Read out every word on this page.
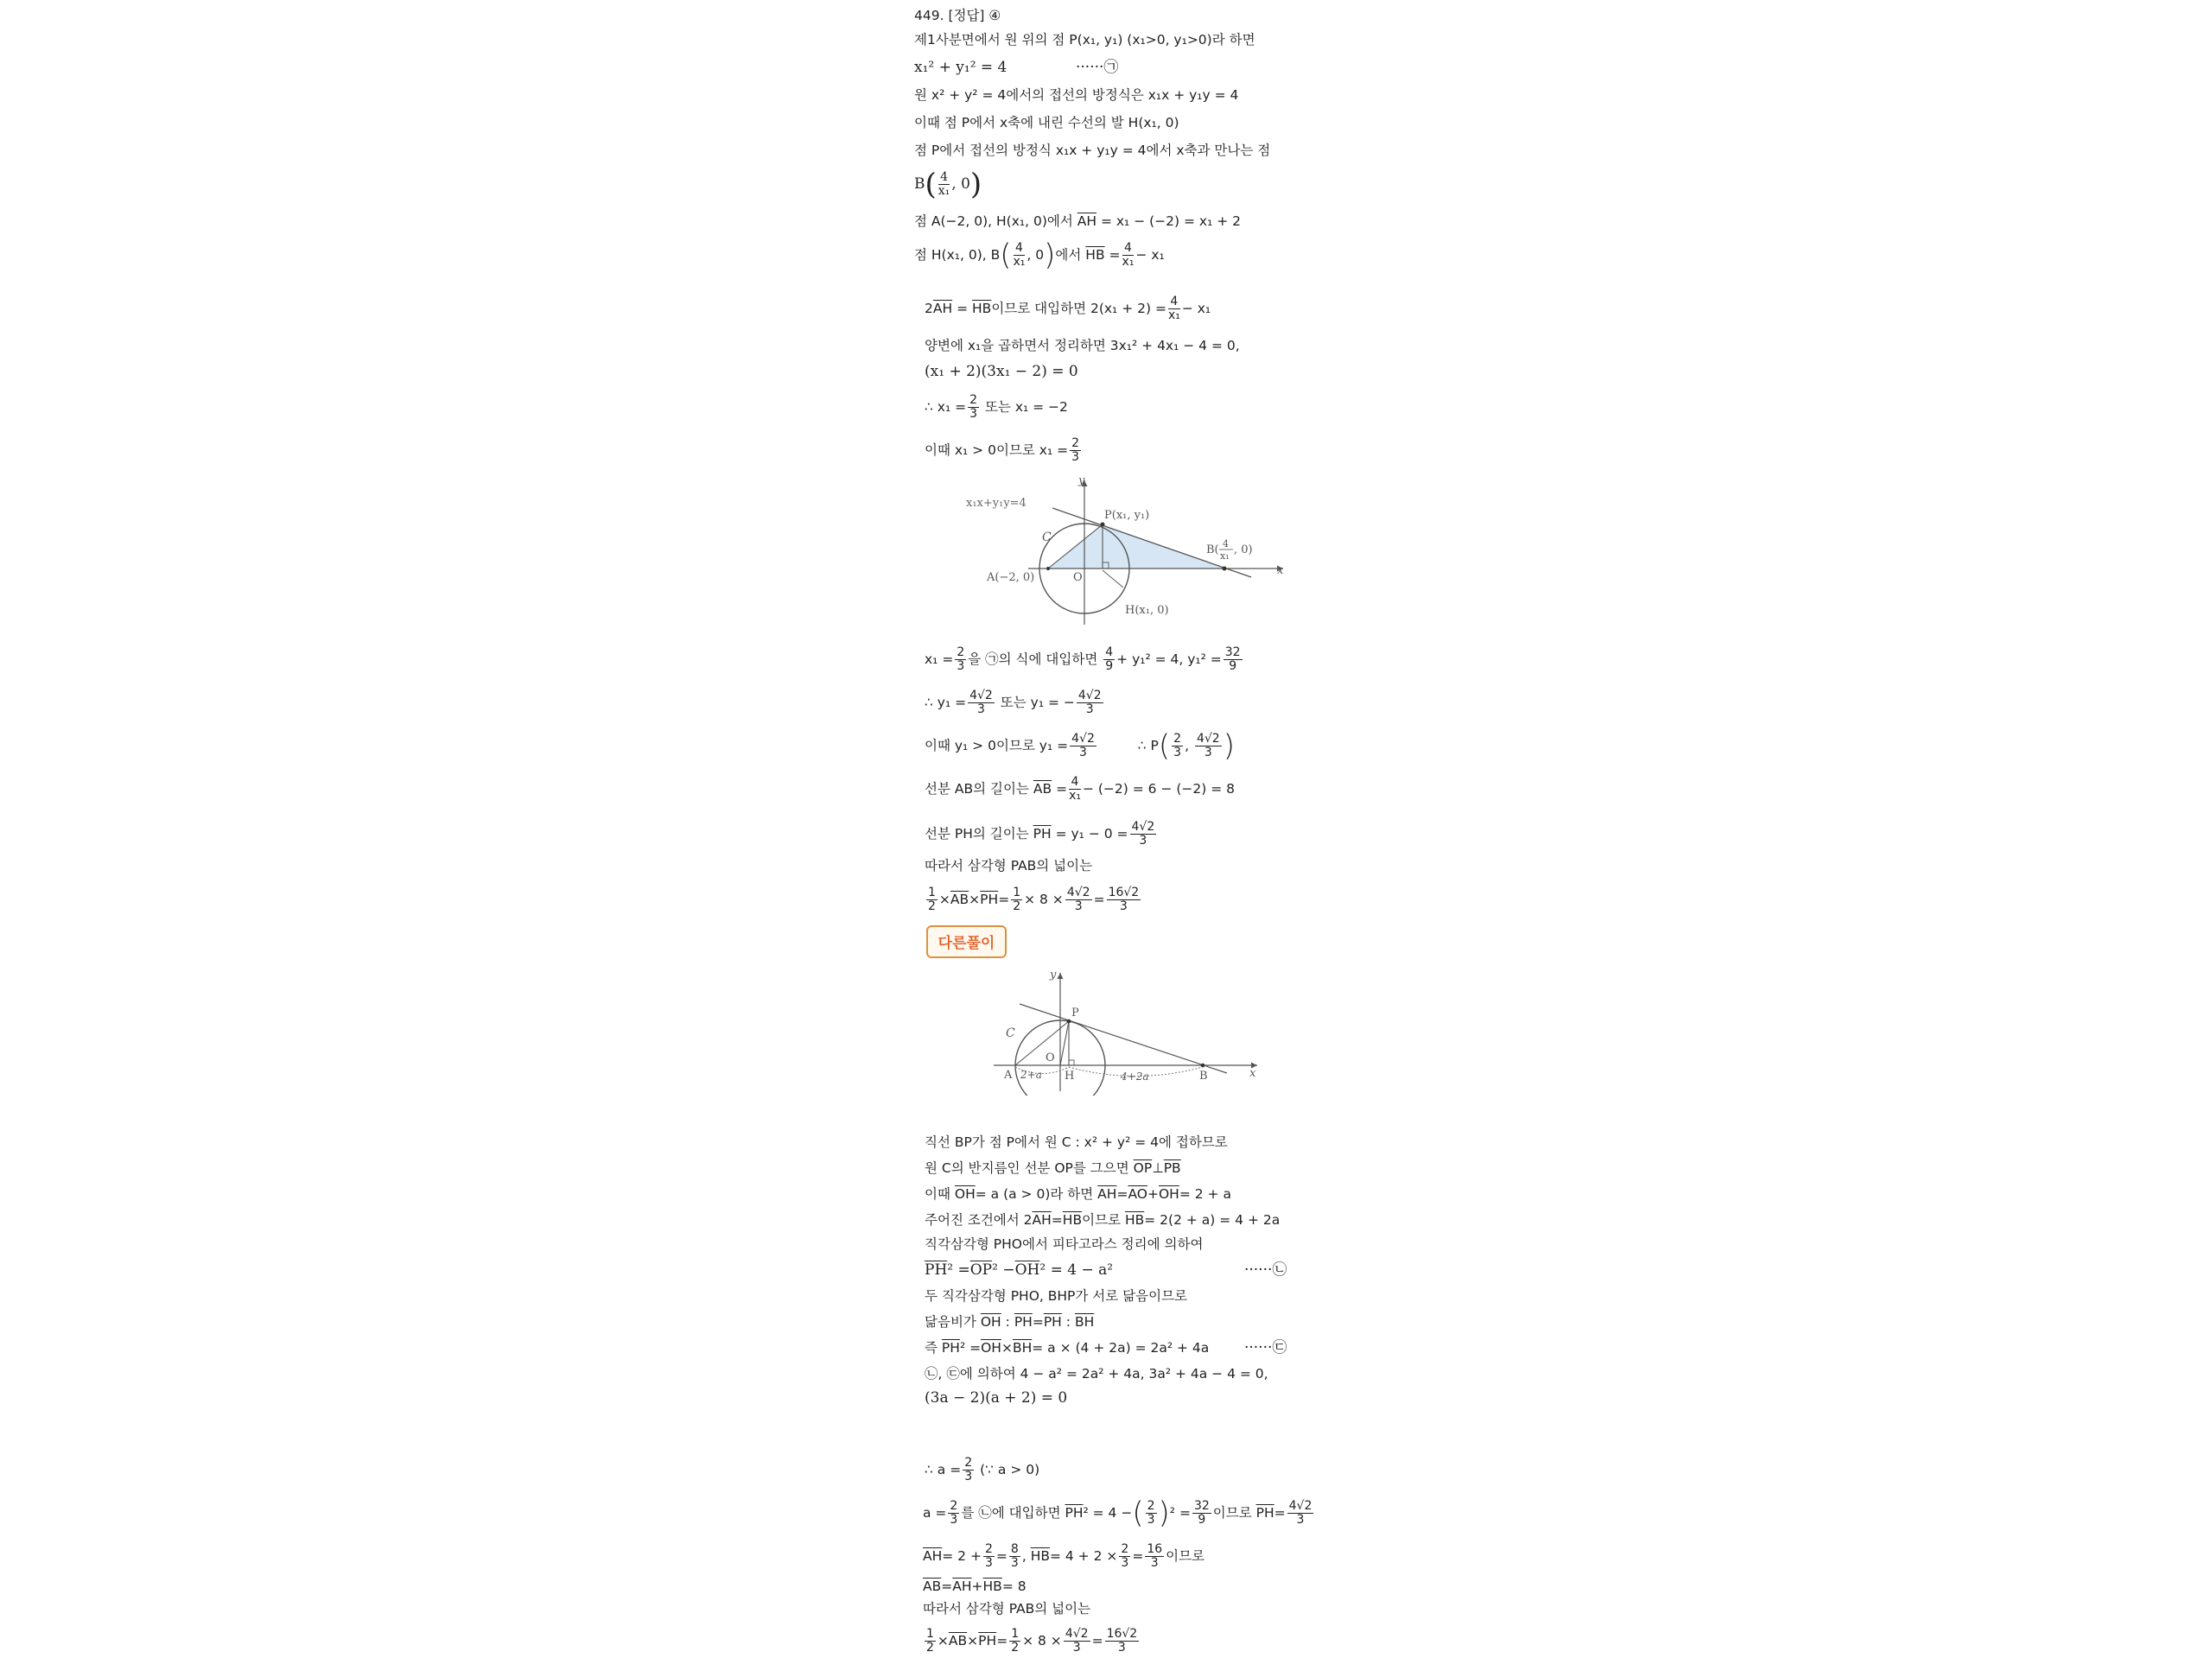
449. [정답] ④
제1사분면에서 원 위의 점 P(x₁, y₁) (x₁>0, y₁>0)라 하면
x₁² + y₁² = 4	······㉠
원 x² + y² = 4에서의 접선의 방정식은 x₁x + y₁y = 4
이때 점 P에서 x축에 내린 수선의 발 H(x₁, 0)
점 P에서 접선의 방정식 x₁x + y₁y = 4에서 x축과 만나는 점
$B( \frac{4}{\text{x₁}}$ , 0)
점 A(−2, 0), H(x₁, 0)에서 $\overline{AH} = x_1 - (-2) = x_1 + 2$
점 H(x₁, 0), $B( \frac{4}{\text{x₁}}$ , 0)에서 $\overline{HB} = \frac{4}{\text{x₁}} - x_1$
$2\overline{AH} = \overline{HB}$이므로 대입하면 $2(x_1 + 2) = \frac{4}{\text{x₁}} - x_1$
양변에 x₁을 곱하면서 정리하면 3x₁² + 4x₁ − 4 = 0,
(x₁ + 2)(3x₁ − 2) = 0
∴ $x_1 = \frac{2}{3}$ 또는 x₁ = −2
이때 x₁ > 0이므로 $x_1 = \frac{2}{3}$
y
x
x₁x+y₁y=4
P(x₁, y₁)
C
B( 4
x₁ , 0)
A(−2, 0)	O
H(x₁, 0)
$x_1 = \frac{2}{3}$ 을 ㉠의 식에 대입하면 $\frac{4}{9} + y_1^2 = 4$, $y_1^2 = \frac{32}{9}$
∴ $y_1 = \frac{4√2}{3}$ 또는 y₁ = − $\frac{4√2}{3}$
이때 y₁ > 0이므로 $y_1 = \frac{4√2}{3}$	∴ $P( \frac{2}{3}$ , $\frac{4√2}{3}$ )
선분 AB의 길이는 $\overline{AB} = \frac{4}{\text{x₁}} - (-2) = 6 - (-2) = 8$
선분 PH의 길이는 $\overline{PH} = y_1 - 0 = \frac{4√2}{3}$
따라서 삼각형 PAB의 넓이는
$\frac{1}{2} \times\overline{AB}\times\overline{PH}= \frac{1}{2} \times 8 \times \frac{4√2}{3} = \frac{16√2}{3}$
다른풀이
y
x
P
C
O
A	H	B
2+a	4+2a
직선 BP가 점 P에서 원 C : x² + y² = 4에 접하므로
원 C의 반지름인 선분 OP를 그으면 $\overline{OP}\perp\overline{PB}$
이때 $\overline{OH}= a$ (a > 0)라 하면 $\overline{AH}=\overline{AO}+\overline{OH}= 2 + a$
주어진 조건에서 $2\overline{AH}=\overline{HB}$이므로 $\overline{HB}= 2(2 + a) = 4 + 2a$
직각삼각형 PHO에서 피타고라스 정리에 의하여
$\overline{PH}^2 =\overline{OP}^2 -\overline{OH}^2 = 4 - a^2$	······㉡
두 직각삼각형 PHO, BHP가 서로 닮음이므로
닮음비가 $\overline{OH}$ : $\overline{PH}=\overline{PH}$ : $\overline{BH}$
즉 $\overline{PH}^2 =\overline{OH}\times\overline{BH}= a \times (4 + 2a) = 2a^2 + 4a$ ······㉢
㉡, ㉢에 의하여 4 − a² = 2a² + 4a, 3a² + 4a − 4 = 0,
(3a − 2)(a + 2) = 0
∴ $a = \frac{2}{3}$ (∵ a > 0)
$a = \frac{2}{3}$ 를 ㉡에 대입하면 $\overline{PH}^2 = 4$ −( $\frac{2}{3} )^2 = \frac{32}{9}$ 이므로 $\overline{PH}= \frac{4√2}{3}$
$\overline{AH}= 2 + \frac{2}{3} = \frac{8}{3}$ , $\overline{HB}= 4 + 2 \times \frac{2}{3} = \frac{16}{3}$ 이므로
$\overline{AB}=\overline{AH}+\overline{HB}= 8$
따라서 삼각형 PAB의 넓이는
$\frac{1}{2} \times\overline{AB}\times\overline{PH}= \frac{1}{2} \times 8 \times \frac{4√2}{3} = \frac{16√2}{3}$
